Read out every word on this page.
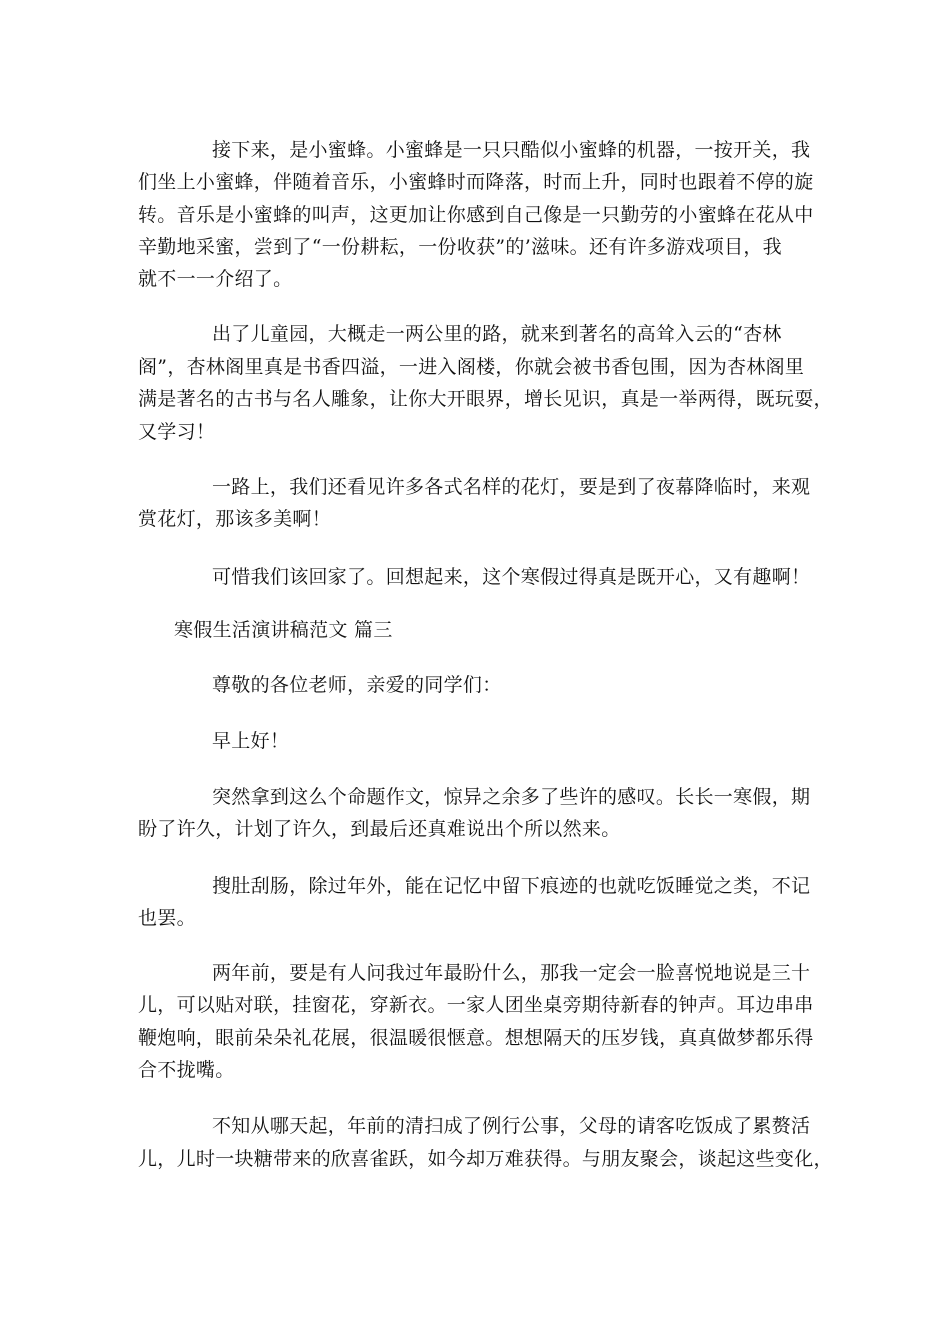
接下来，是小蜜蜂。小蜜蜂是一只只酷似小蜜蜂的机器，一按开关，我
们坐上小蜜蜂，伴随着音乐，小蜜蜂时而降落，时而上升，同时也跟着不停的旋
转。音乐是小蜜蜂的叫声，这更加让你感到自己像是一只勤劳的小蜜蜂在花从中
辛勤地采蜜，尝到了“一份耕耘，一份收获”的’滋味。还有许多游戏项目，我
就不一一介绍了。
出了儿童园，大概走一两公里的路，就来到著名的高耸入云的“杏林
阁”，杏林阁里真是书香四溢，一进入阁楼，你就会被书香包围，因为杏林阁里
满是著名的古书与名人雕象，让你大开眼界，增长见识，真是一举两得，既玩耍，
又学习！
一路上，我们还看见许多各式名样的花灯，要是到了夜幕降临时，来观
赏花灯，那该多美啊！
可惜我们该回家了。回想起来，这个寒假过得真是既开心，又有趣啊！
寒假生活演讲稿范文 篇三
尊敬的各位老师，亲爱的同学们：
早上好！
突然拿到这么个命题作文，惊异之余多了些许的感叹。长长一寒假，期
盼了许久，计划了许久，到最后还真难说出个所以然来。
搜肚刮肠，除过年外，能在记忆中留下痕迹的也就吃饭睡觉之类，不记
也罢。
两年前，要是有人问我过年最盼什么，那我一定会一脸喜悦地说是三十
儿，可以贴对联，挂窗花，穿新衣。一家人团坐桌旁期待新春的钟声。耳边串串
鞭炮响，眼前朵朵礼花展，很温暖很惬意。想想隔天的压岁钱，真真做梦都乐得
合不拢嘴。
不知从哪天起，年前的清扫成了例行公事，父母的请客吃饭成了累赘活
儿，儿时一块糖带来的欣喜雀跃，如今却万难获得。与朋友聚会，谈起这些变化，
